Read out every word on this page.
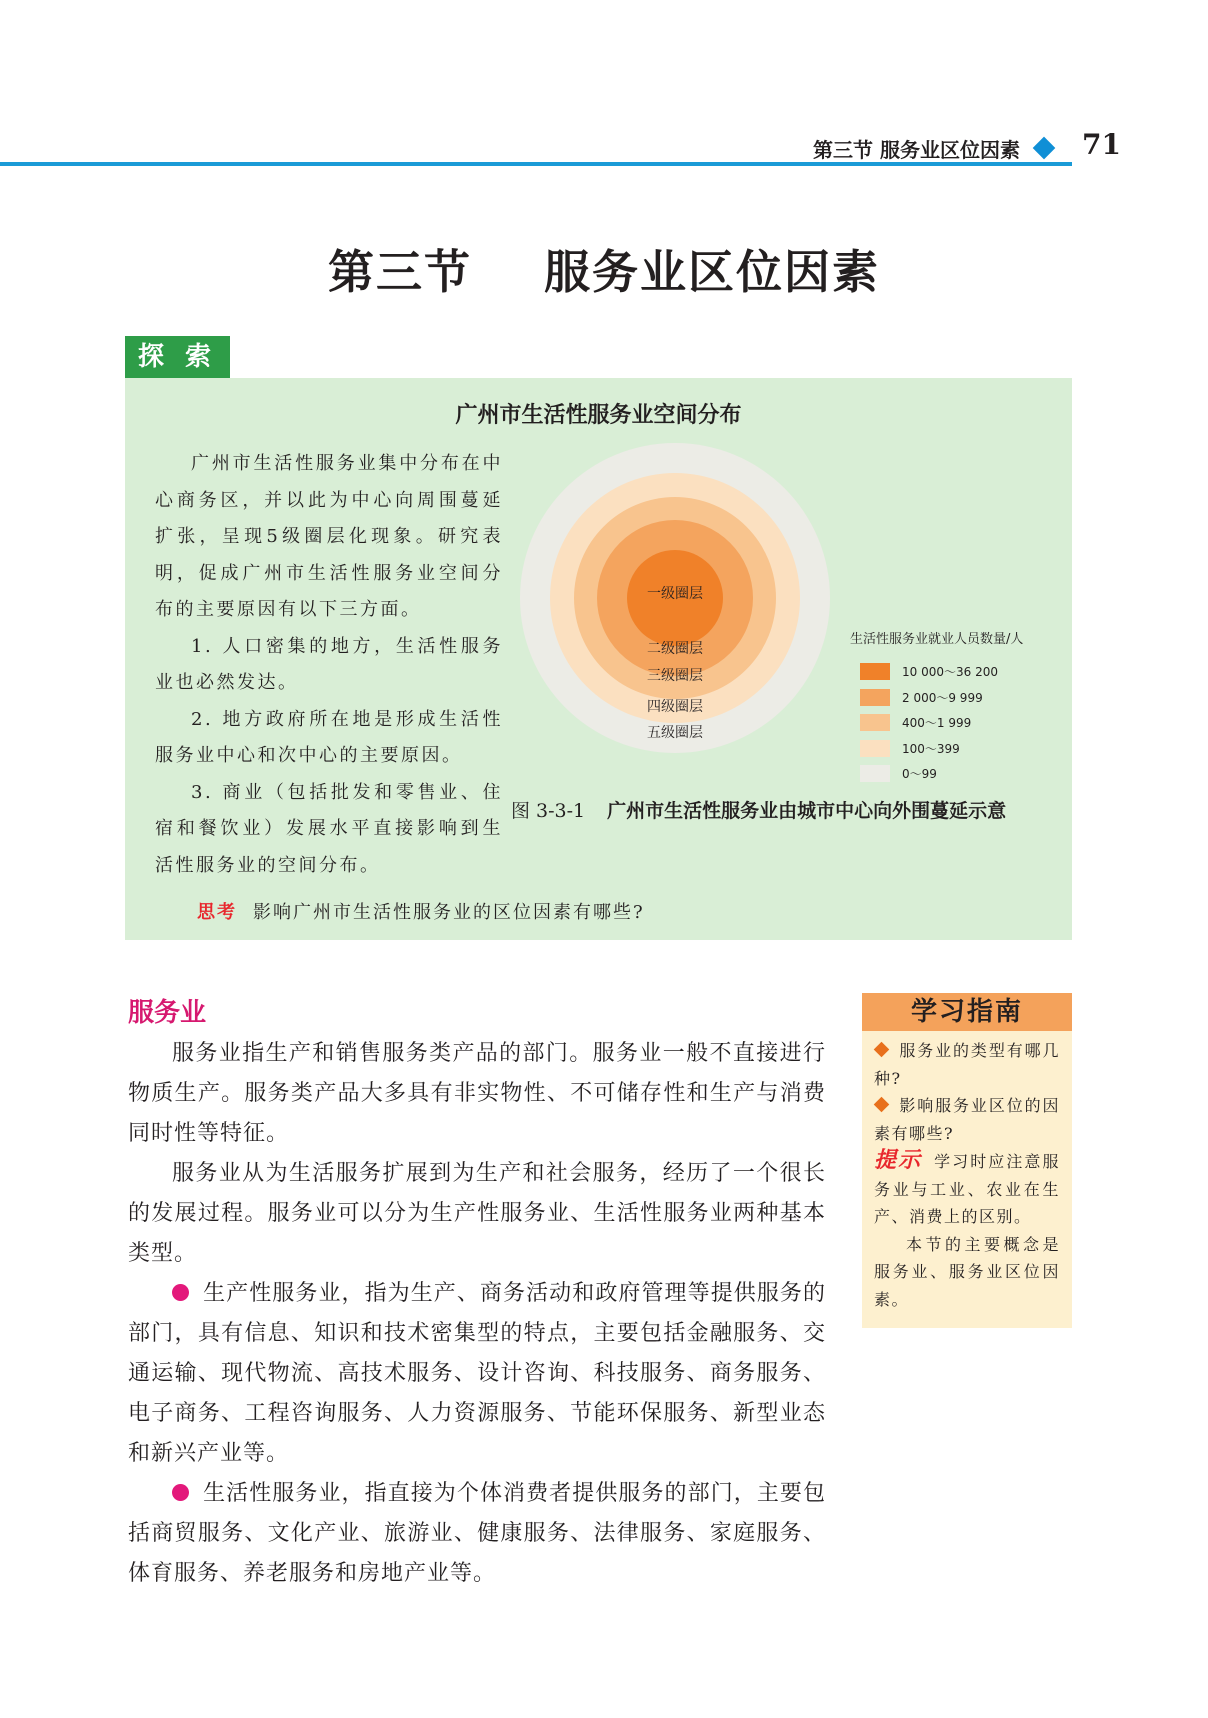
第三节 服务业区位因素 71
第三节    服务业区位因素
探 索
广州市生活性服务业空间分布

广州市生活性服务业集中分布在中心商务区，并以此为中心向周围蔓延扩张，呈现5级圈层化现象。研究表明，促成广州市生活性服务业空间分布的主要原因有以下三方面。

1. 人口密集的地方，生活性服务业也必然发达。

2. 地方政府所在地是形成生活性服务业中心和次中心的主要原因。

3. 商业（包括批发和零售业、住宿和餐饮业）发展水平直接影响到生活性服务业的空间分布。

思考 影响广州市生活性服务业的区位因素有哪些?
一级圈层
二级圈层
三级圈层
四级圈层
五级圈层
生活性服务业就业人员数量/人
10 000～36 200
2 000～9 999
400～1 999
100～399
0～99
图 3-3-1 广州市生活性服务业由城市中心向外围蔓延示意
服务业

服务业指生产和销售服务类产品的部门。服务业一般不直接进行物质生产。服务类产品大多具有非实物性、不可储存性和生产与消费同时性等特征。

服务业从为生活服务扩展到为生产和社会服务，经历了一个很长的发展过程。服务业可以分为生产性服务业、生活性服务业两种基本类型。

生产性服务业，指为生产、商务活动和政府管理等提供服务的部门，具有信息、知识和技术密集型的特点，主要包括金融服务、交通运输、现代物流、高技术服务、设计咨询、科技服务、商务服务、电子商务、工程咨询服务、人力资源服务、节能环保服务、新型业态和新兴产业等。

生活性服务业，指直接为个体消费者提供服务的部门，主要包括商贸服务、文化产业、旅游业、健康服务、法律服务、家庭服务、体育服务、养老服务和房地产业等。

学习指南
服务业的类型有哪几种?
影响服务业区位的因素有哪些?
提示 学习时应注意服务业与工业、农业在生产、消费上的区别。
本节的主要概念是服务业、服务业区位因素。
